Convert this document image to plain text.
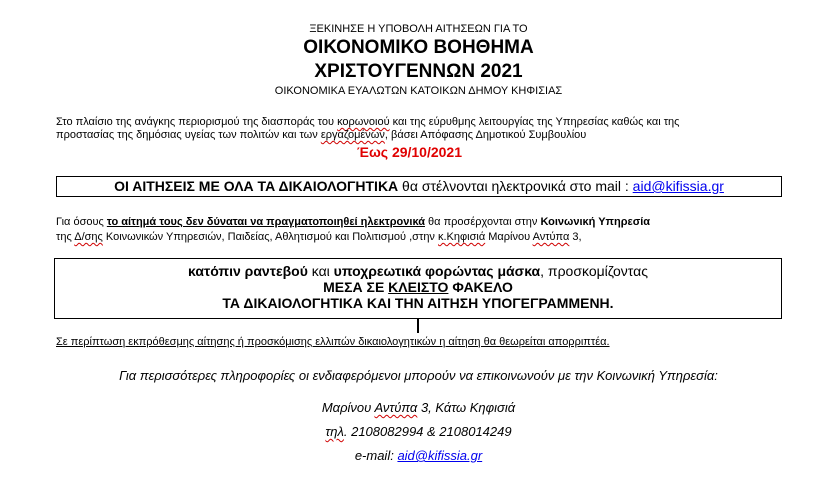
ΞΕΚΙΝΗΣΕ Η ΥΠΟΒΟΛΗ ΑΙΤΗΣΕΩΝ ΓΙΑ ΤΟ
ΟΙΚΟΝΟΜΙΚΟ ΒΟΗΘΗΜΑ
ΧΡΙΣΤΟΥΓΕΝΝΩΝ 2021
ΟΙΚΟΝΟΜΙΚΑ ΕΥΑΛΩΤΩΝ ΚΑΤΟΙΚΩΝ ΔΗΜΟΥ ΚΗΦΙΣΙΑΣ
Στο πλαίσιο της ανάγκης περιορισμού της διασποράς του κορωνοιού και της εύρυθμης λειτουργίας της Υπηρεσίας καθώς και της
προστασίας της δημόσιας υγείας των πολιτών και των εργαζομένων, βάσει Απόφασης Δημοτικού Συμβουλίου
Έως 29/10/2021
ΟΙ ΑΙΤΗΣΕΙΣ ΜΕ ΟΛΑ ΤΑ ΔΙΚΑΙΟΛΟΓΗΤΙΚΑ θα στέλνονται ηλεκτρονικά στο mail : aid@kifissia.gr
Για όσους το αίτημά τους δεν δύναται να πραγματοποιηθεί ηλεκτρονικά θα προσέρχονται στην Κοινωνική Υπηρεσία
της Δ/σης Κοινωνικών Υπηρεσιών, Παιδείας, Αθλητισμού και Πολιτισμού ,στην κ.Κηφισιά Μαρίνου Αντύπα 3,
κατόπιν ραντεβού και υποχρεωτικά φορώντας μάσκα, προσκομίζοντας
ΜΕΣΑ ΣΕ ΚΛΕΙΣΤΟ ΦΑΚΕΛΟ
ΤΑ ΔΙΚΑΙΟΛΟΓΗΤΙΚΑ ΚΑΙ ΤΗΝ ΑΙΤΗΣΗ ΥΠΟΓΕΓΡΑΜΜΕΝΗ.
Σε περίπτωση εκπρόθεσμης αίτησης ή προσκόμισης ελλιπών δικαιολογητικών η αίτηση θα θεωρείται απορριπτέα.
Για περισσότερες πληροφορίες οι ενδιαφερόμενοι μπορούν να επικοινωνούν με την Κοινωνική Υπηρεσία:
Μαρίνου Αντύπα 3, Κάτω Κηφισιά
τηλ. 2108082994 & 2108014249
e-mail: aid@kifissia.gr
